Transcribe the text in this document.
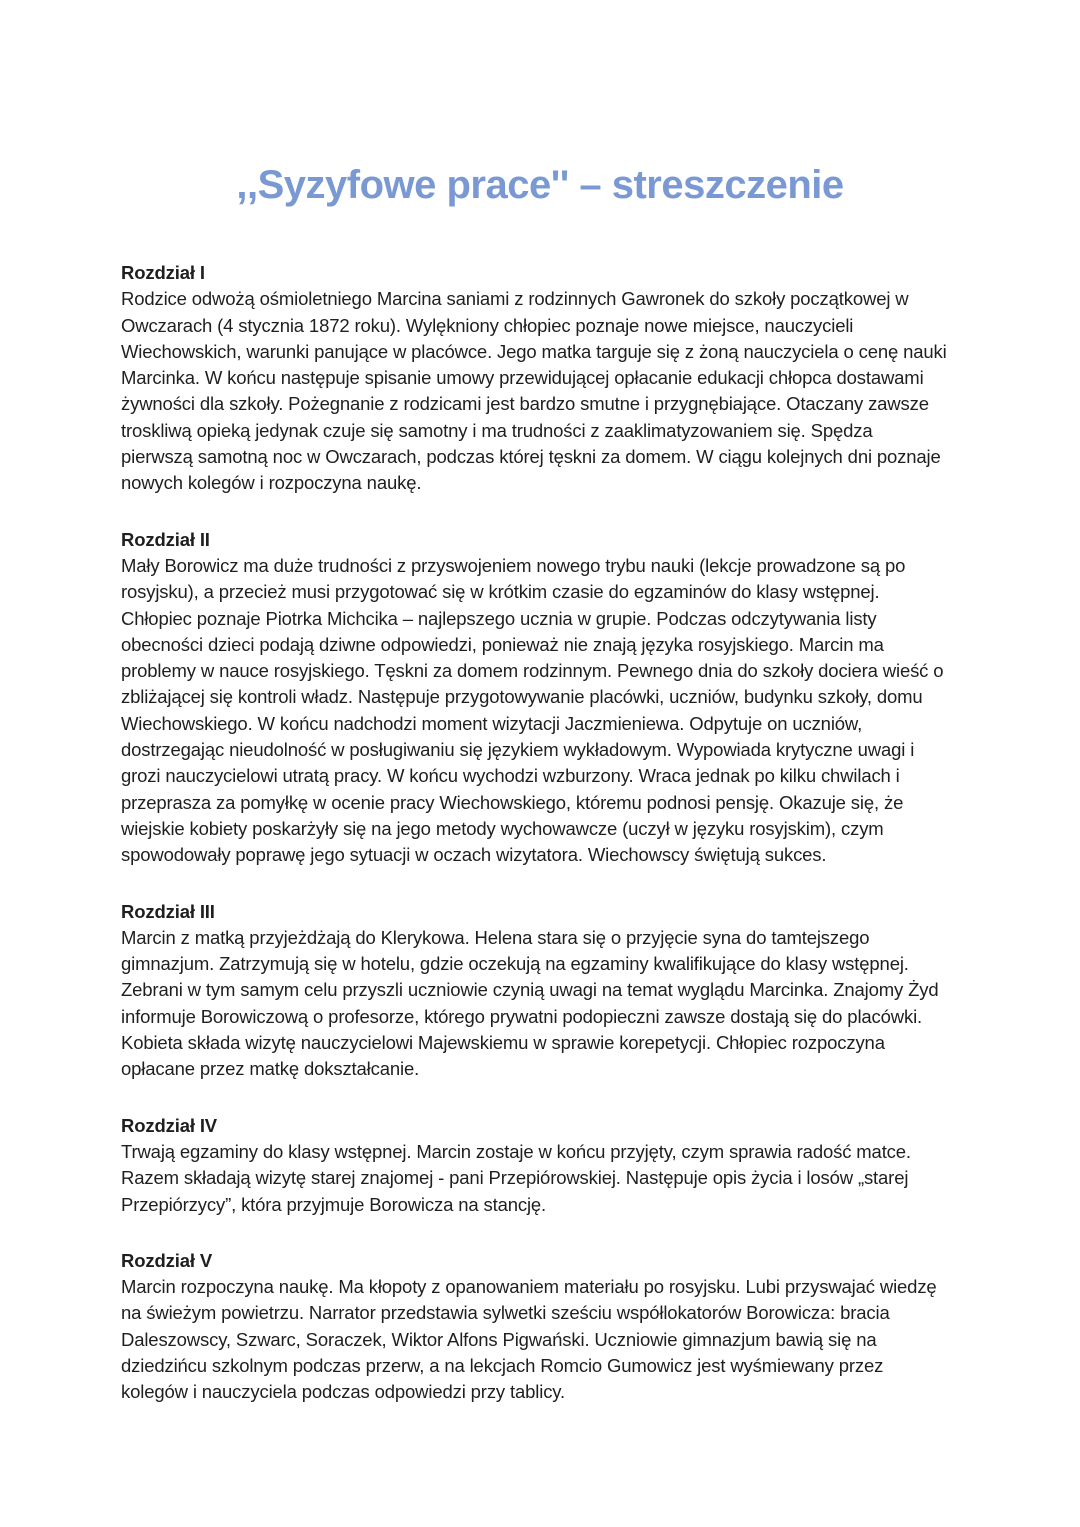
,,Syzyfowe prace'' – streszczenie
Rozdział I
Rodzice odwożą ośmioletniego Marcina saniami z rodzinnych Gawronek do szkoły początkowej w
Owczarach (4 stycznia 1872 roku). Wylękniony chłopiec poznaje nowe miejsce, nauczycieli
Wiechowskich, warunki panujące w placówce. Jego matka targuje się z żoną nauczyciela o cenę nauki
Marcinka. W końcu następuje spisanie umowy przewidującej opłacanie edukacji chłopca dostawami
żywności dla szkoły. Pożegnanie z rodzicami jest bardzo smutne i przygnębiające. Otaczany zawsze
troskliwą opieką jedynak czuje się samotny i ma trudności z zaaklimatyzowaniem się. Spędza
pierwszą samotną noc w Owczarach, podczas której tęskni za domem. W ciągu kolejnych dni poznaje
nowych kolegów i rozpoczyna naukę.
Rozdział II
Mały Borowicz ma duże trudności z przyswojeniem nowego trybu nauki (lekcje prowadzone są po
rosyjsku), a przecież musi przygotować się w krótkim czasie do egzaminów do klasy wstępnej.
Chłopiec poznaje Piotrka Michcika – najlepszego ucznia w grupie. Podczas odczytywania listy
obecności dzieci podają dziwne odpowiedzi, ponieważ nie znają języka rosyjskiego. Marcin ma
problemy w nauce rosyjskiego. Tęskni za domem rodzinnym. Pewnego dnia do szkoły dociera wieść o
zbliżającej się kontroli władz. Następuje przygotowywanie placówki, uczniów, budynku szkoły, domu
Wiechowskiego. W końcu nadchodzi moment wizytacji Jaczmieniewa. Odpytuje on uczniów,
dostrzegając nieudolność w posługiwaniu się językiem wykładowym. Wypowiada krytyczne uwagi i
grozi nauczycielowi utratą pracy. W końcu wychodzi wzburzony. Wraca jednak po kilku chwilach i
przeprasza za pomyłkę w ocenie pracy Wiechowskiego, któremu podnosi pensję. Okazuje się, że
wiejskie kobiety poskarżyły się na jego metody wychowawcze (uczył w języku rosyjskim), czym
spowodowały poprawę jego sytuacji w oczach wizytatora. Wiechowscy świętują sukces.
Rozdział III
Marcin z matką przyjeżdżają do Klerykowa. Helena stara się o przyjęcie syna do tamtejszego
gimnazjum. Zatrzymują się w hotelu, gdzie oczekują na egzaminy kwalifikujące do klasy wstępnej.
Zebrani w tym samym celu przyszli uczniowie czynią uwagi na temat wyglądu Marcinka. Znajomy Żyd
informuje Borowiczową o profesorze, którego prywatni podopieczni zawsze dostają się do placówki.
Kobieta składa wizytę nauczycielowi Majewskiemu w sprawie korepetycji. Chłopiec rozpoczyna
opłacane przez matkę dokształcanie.
Rozdział IV
Trwają egzaminy do klasy wstępnej. Marcin zostaje w końcu przyjęty, czym sprawia radość matce.
Razem składają wizytę starej znajomej - pani Przepiórowskiej. Następuje opis życia i losów „starej
Przepiórzycy”, która przyjmuje Borowicza na stancję.
Rozdział V
Marcin rozpoczyna naukę. Ma kłopoty z opanowaniem materiału po rosyjsku. Lubi przyswajać wiedzę
na świeżym powietrzu. Narrator przedstawia sylwetki sześciu współlokatorów Borowicza: bracia
Daleszowscy, Szwarc, Soraczek, Wiktor Alfons Pigwański. Uczniowie gimnazjum bawią się na
dziedzińcu szkolnym podczas przerw, a na lekcjach Romcio Gumowicz jest wyśmiewany przez
kolegów i nauczyciela podczas odpowiedzi przy tablicy.
